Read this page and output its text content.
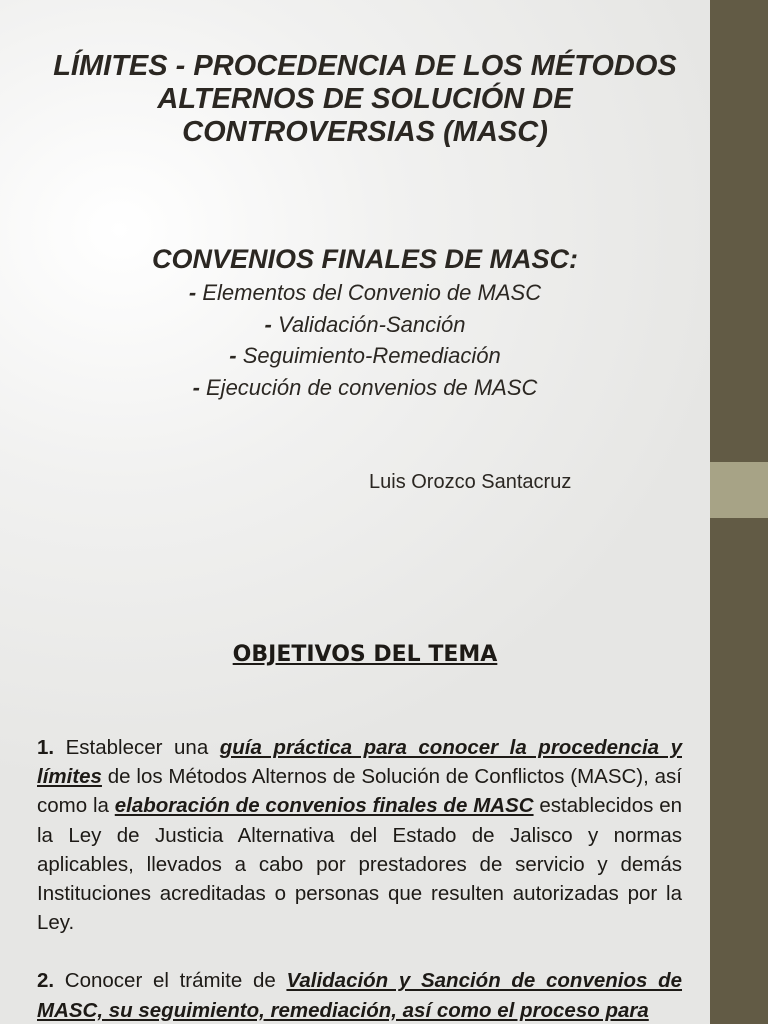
LÍMITES - PROCEDENCIA DE LOS MÉTODOS
ALTERNOS DE SOLUCIÓN DE
CONTROVERSIAS (MASC)
CONVENIOS FINALES DE MASC:
- Elementos del Convenio de MASC
- Validación-Sanción
- Seguimiento-Remediación
- Ejecución de convenios de MASC
Luis Orozco Santacruz
OBJETIVOS DEL TEMA

1. Establecer una guía práctica para conocer la procedencia y límites de los Métodos Alternos de Solución de Conflictos (MASC), así como la elaboración de convenios finales de MASC establecidos en la Ley de Justicia Alternativa del Estado de Jalisco y normas aplicables, llevados a cabo por prestadores de servicio y demás Instituciones acreditadas o personas que resulten autorizadas por la Ley.

2. Conocer el trámite de Validación y Sanción de convenios de MASC, su seguimiento, remediación, así como el proceso para
